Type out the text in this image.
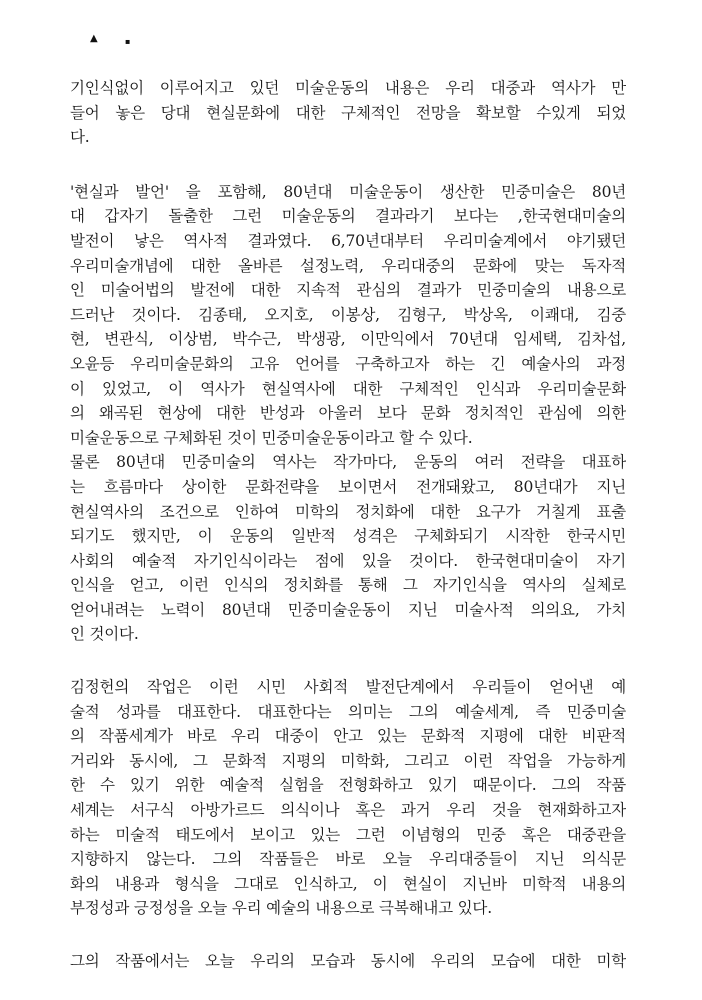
▲	▪
기인식없이 이루어지고 있던 미술운동의 내용은 우리 대중과 역사가 만
들어 놓은 당대 현실문화에 대한 구체적인 전망을 확보할 수있게 되었
다.
'현실과 발언' 을 포함해, 80년대 미술운동이 생산한 민중미술은 80년
대 갑자기 돌출한 그런 미술운동의 결과라기 보다는 ,한국현대미술의
발전이 낳은 역사적 결과였다. 6,70년대부터 우리미술계에서 야기됐던
우리미술개념에 대한 올바른 설정노력, 우리대중의 문화에 맞는 독자적
인 미술어법의 발전에 대한 지속적 관심의 결과가 민중미술의 내용으로
드러난 것이다. 김종태, 오지호, 이봉상, 김형구, 박상옥, 이쾌대, 김중
현, 변관식, 이상범, 박수근, 박생광, 이만익에서 70년대 임세택, 김차섭,
오윤등 우리미술문화의 고유 언어를 구축하고자 하는 긴 예술사의 과정
이 있었고, 이 역사가 현실역사에 대한 구체적인 인식과 우리미술문화
의 왜곡된 현상에 대한 반성과 아울러 보다 문화 정치적인 관심에 의한
미술운동으로 구체화된 것이 민중미술운동이라고 할 수 있다.
물론 80년대 민중미술의 역사는 작가마다, 운동의 여러 전략을 대표하
는 흐름마다 상이한 문화전략을 보이면서 전개돼왔고, 80년대가 지닌
현실역사의 조건으로 인하여 미학의 정치화에 대한 요구가 거칠게 표출
되기도 했지만, 이 운동의 일반적 성격은 구체화되기 시작한 한국시민
사회의 예술적 자기인식이라는 점에 있을 것이다. 한국현대미술이 자기
인식을 얻고, 이런 인식의 정치화를 통해 그 자기인식을 역사의 실체로
얻어내려는 노력이 80년대 민중미술운동이 지닌 미술사적 의의요, 가치
인 것이다.
김정헌의 작업은 이런 시민 사회적 발전단계에서 우리들이 얻어낸 예
술적 성과를 대표한다. 대표한다는 의미는 그의 예술세계, 즉 민중미술
의 작품세계가 바로 우리 대중이 안고 있는 문화적 지평에 대한 비판적
거리와 동시에, 그 문화적 지평의 미학화, 그리고 이런 작업을 가능하게
한 수 있기 위한 예술적 실험을 전형화하고 있기 때문이다. 그의 작품
세계는 서구식 아방가르드 의식이나 혹은 과거 우리 것을 현재화하고자
하는 미술적 태도에서 보이고 있는 그런 이념형의 민중 혹은 대중관을
지향하지 않는다. 그의 작품들은 바로 오늘 우리대중들이 지닌 의식문
화의 내용과 형식을 그대로 인식하고, 이 현실이 지닌바 미학적 내용의
부정성과 긍정성을 오늘 우리 예술의 내용으로 극복해내고 있다.
그의 작품에서는 오늘 우리의 모습과 동시에 우리의 모습에 대한 미학
